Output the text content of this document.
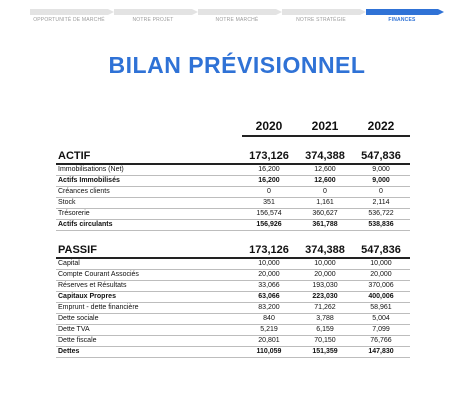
OPPORTUNITÉ DE MARCHÉ	NOTRE PROJET	NOTRE MARCHÉ	NOTRE STRATÉGIE	FINANCES
BILAN PRÉVISIONNEL
	2020	2021	2022

ACTIF	173,126	374,388	547,836
Immobilisations (Net)	16,200	12,600	9,000
Actifs Immobilisés	16,200	12,600	9,000
Créances clients	0	0	0
Stock	351	1,161	2,114
Trésorerie	156,574	360,627	536,722
Actifs circulants	156,926	361,788	538,836

PASSIF	173,126	374,388	547,836
Capital	10,000	10,000	10,000
Compte Courant Associés	20,000	20,000	20,000
Réserves et Résultats	33,066	193,030	370,006
Capitaux Propres	63,066	223,030	400,006
Emprunt - dette financière	83,200	71,262	58,961
Dette sociale	840	3,788	5,004
Dette TVA	5,219	6,159	7,099
Dette fiscale	20,801	70,150	76,766
Dettes	110,059	151,359	147,830
